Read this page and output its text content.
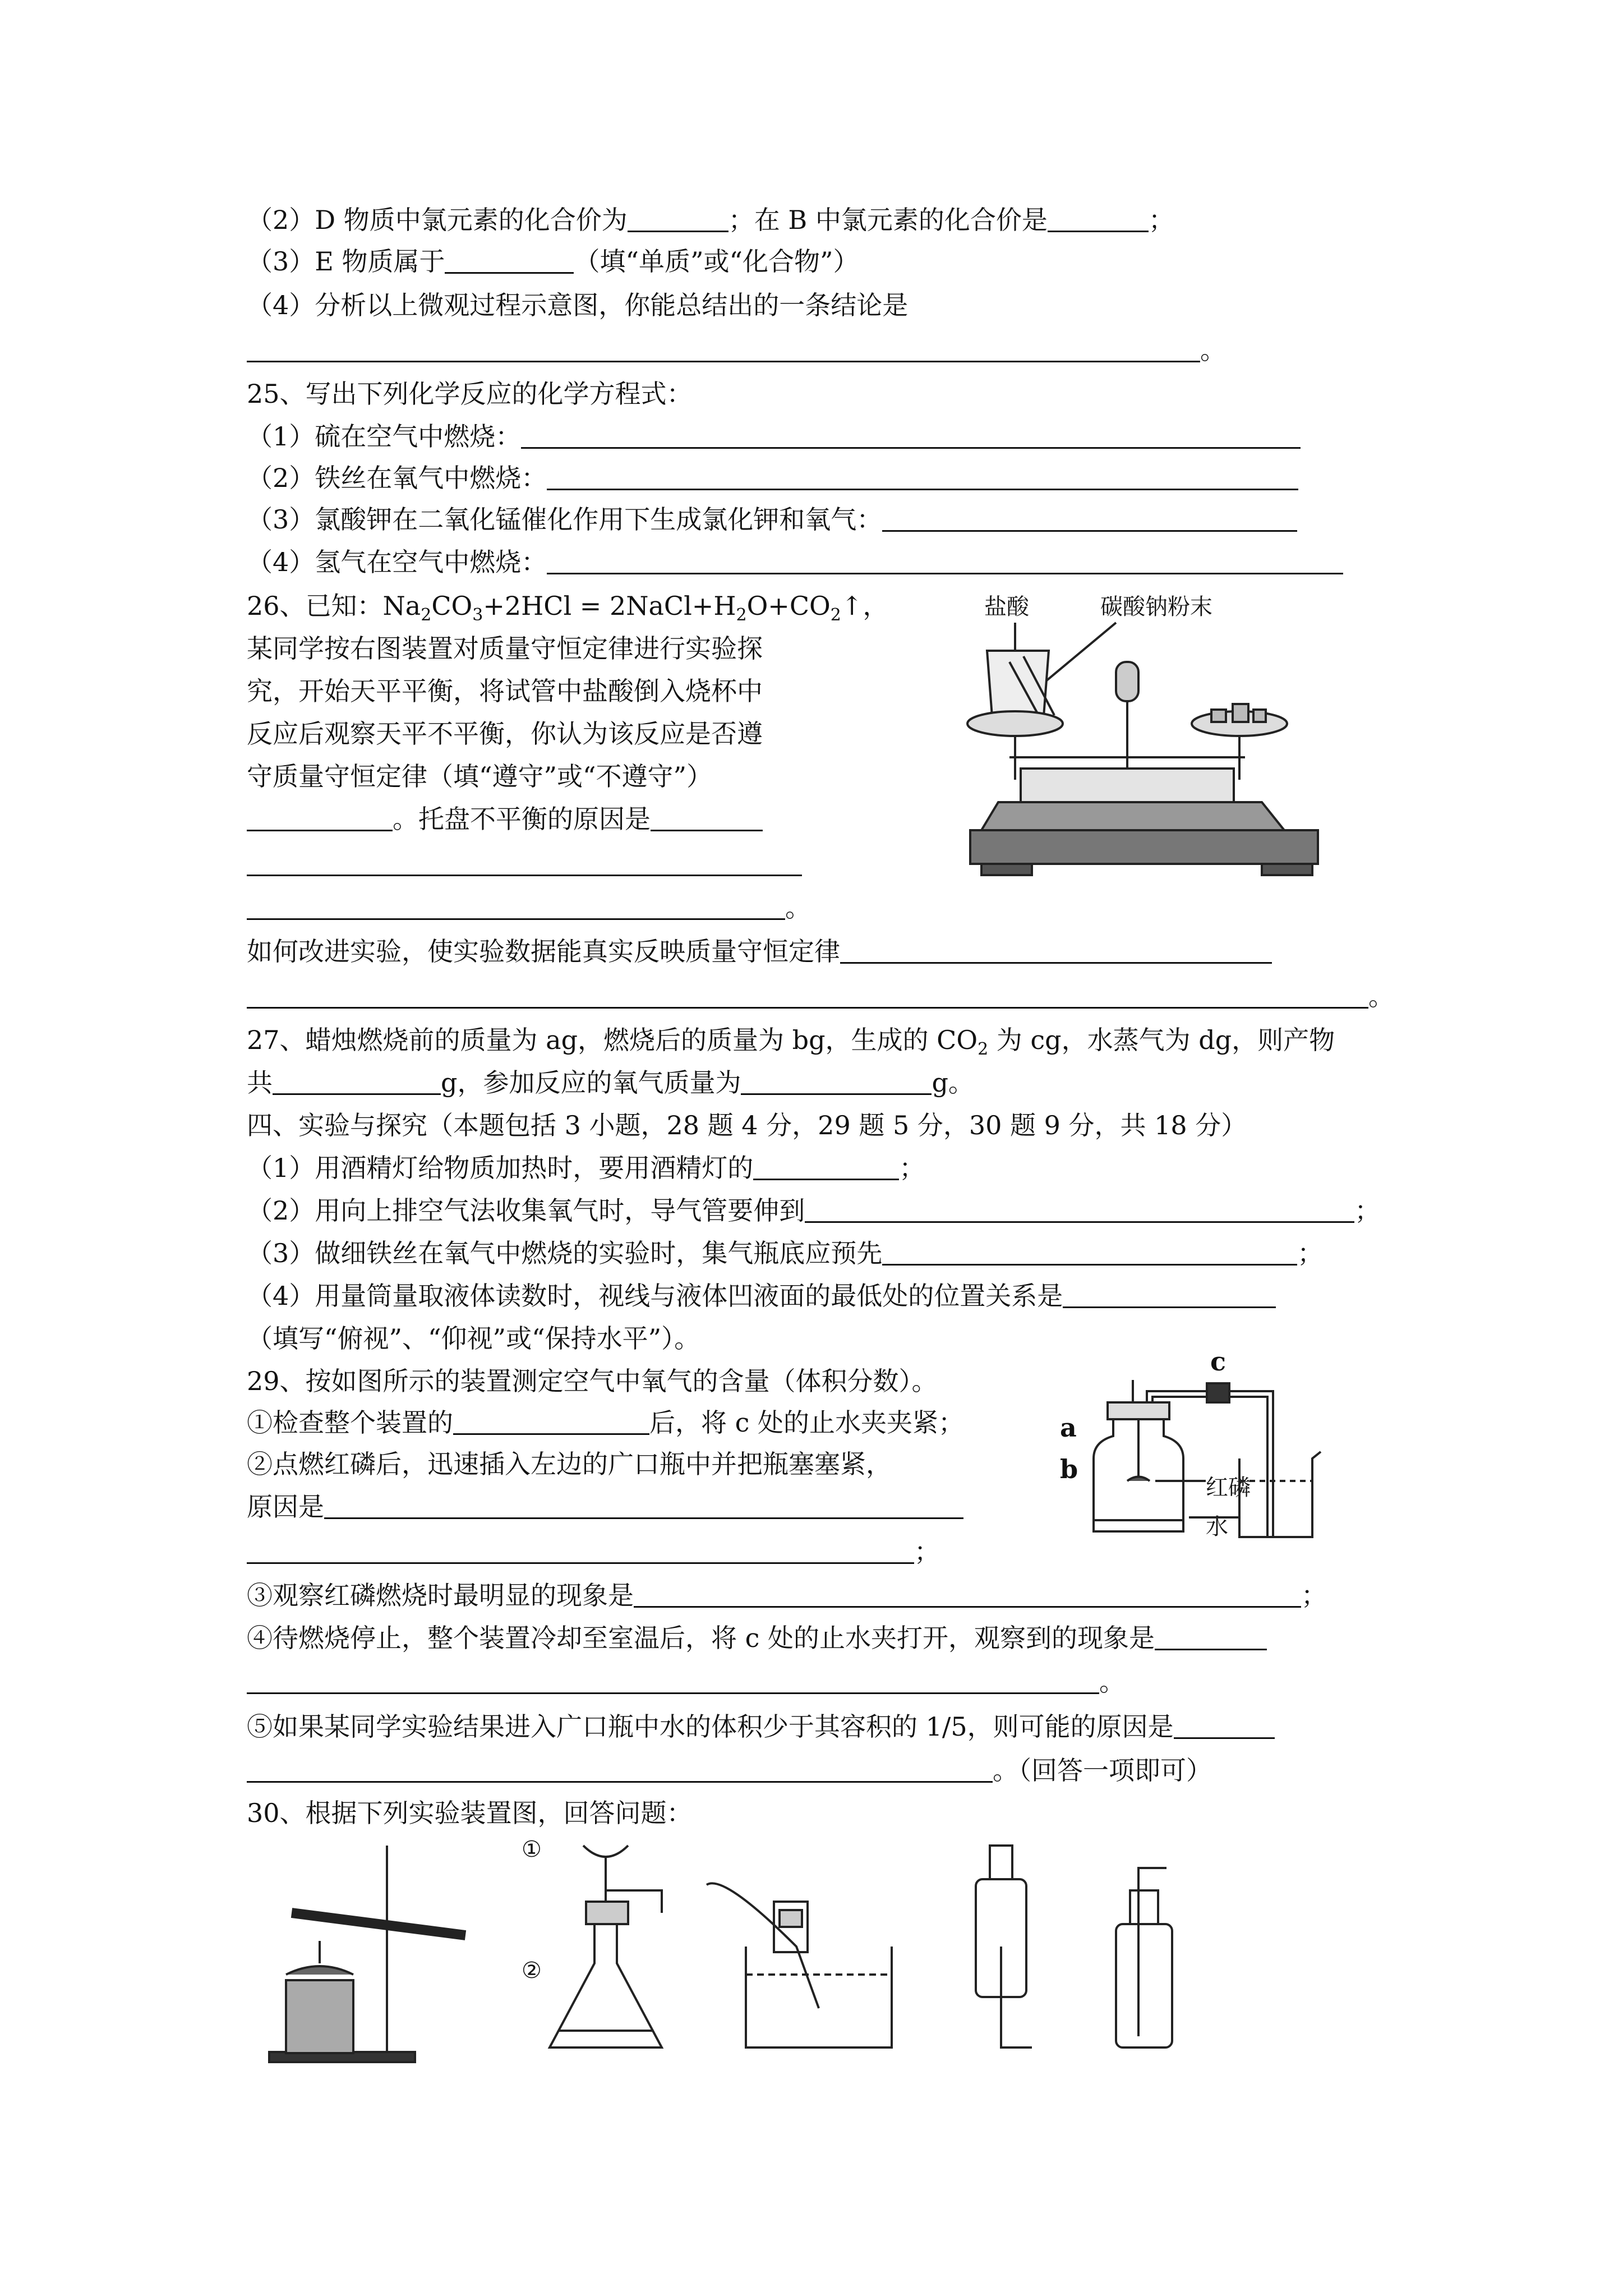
（2）D 物质中氯元素的化合价为	；在 B 中氯元素的化合价是	；
（3）E 物质属于	（填“单质”或“化合物”）
（4）分析以上微观过程示意图，你能总结出的一条结论是
。
25、写出下列化学反应的化学方程式：
（1）硫在空气中燃烧：
（2）铁丝在氧气中燃烧：
（3）氯酸钾在二氧化锰催化作用下生成氯化钾和氧气：
（4）氢气在空气中燃烧：
26、已知：$Na_2CO_3+2HCl$ = $2NaCl+H_2O+CO_2↑$，
某同学按右图装置对质量守恒定律进行实验探
究，开始天平平衡，将试管中盐酸倒入烧杯中
反应后观察天平不平衡，你认为该反应是否遵
守质量守恒定律（填“遵守”或“不遵守”）
。托盘不平衡的原因是
。
如何改进实验，使实验数据能真实反映质量守恒定律
。
盐酸	碳酸钠粉末
27、蜡烛燃烧前的质量为 ag，燃烧后的质量为 bg，生成的 $CO_2$ 为 cg，水蒸气为 dg，则产物
共	g，参加反应的氧气质量为	g。
四、实验与探究（本题包括 3 小题，28 题 4 分，29 题 5 分，30 题 9 分，共 18 分）
（1）用酒精灯给物质加热时，要用酒精灯的	；
（2）用向上排空气法收集氧气时，导气管要伸到	；
（3）做细铁丝在氧气中燃烧的实验时，集气瓶底应预先	；
（4）用量筒量取液体读数时，视线与液体凹液面的最低处的位置关系是
（填写“俯视”、“仰视”或“保持水平”）。
29、按如图所示的装置测定空气中氧气的含量（体积分数）。
①检查整个装置的	后，将 c 处的止水夹夹紧；
②点燃红磷后，迅速插入左边的广口瓶中并把瓶塞塞紧，
原因是
；
③观察红磷燃烧时最明显的现象是	；
④待燃烧停止，整个装置冷却至室温后，将 c 处的止水夹打开，观察到的现象是
。
⑤如果某同学实验结果进入广口瓶中水的体积少于其容积的 1/5，则可能的原因是
。（回答一项即可）
c
a
b
红磷
水
30、根据下列实验装置图，回答问题：
①
②
